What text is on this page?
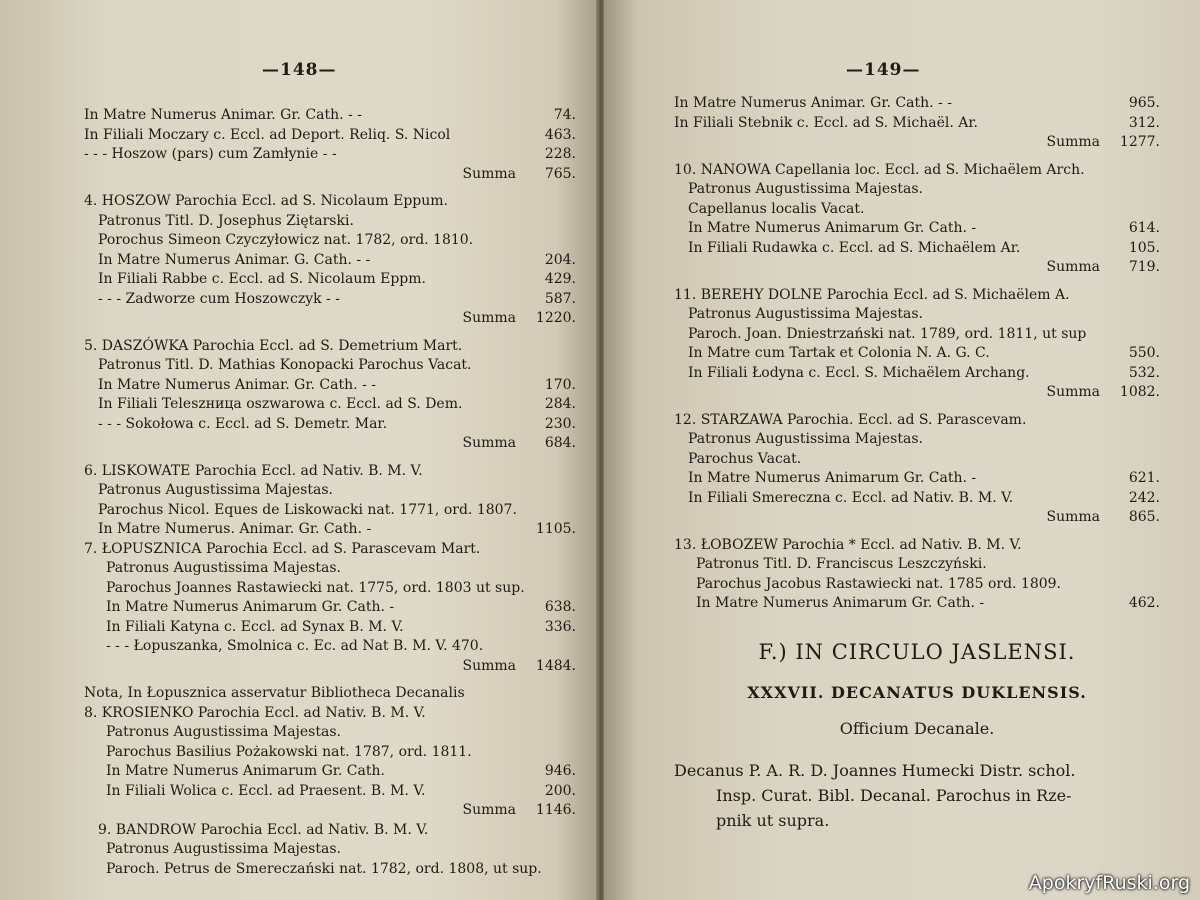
—148—
In Matre Numerus Animar. Gr. Cath. - -	74.
In Filiali Moczary c. Eccl. ad Deport. Reliq. S. Nicol	463.
- - - Hoszow (pars) cum Zamłynie - -	228.
Summa 765.
4. HOSZOW Parochia Eccl. ad S. Nicolaum Eppum.
Patronus Titl. D. Josephus Ziętarski.
Porochus Simeon Czyczyłowicz nat. 1782, ord. 1810.
In Matre Numerus Animar. G. Cath. - -	204.
In Filiali Rabbe c. Eccl. ad S. Nicolaum Eppm.	429.
- - - Zadworze cum Hoszowczyk - -	587.
Summa 1220.
5. DASZÓWKA Parochia Eccl. ad S. Demetrium Mart.
Patronus Titl. D. Mathias Konopacki Parochus Vacat.
In Matre Numerus Animar. Gr. Cath. - -	170.
In Filiali Teleszница oszwarowa c. Eccl. ad S. Dem.	284.
- - - Sokołowa c. Eccl. ad S. Demetr. Mar.	230.
Summa 684.
6. LISKOWATE Parochia Eccl. ad Nativ. B. M. V.
Patronus Augustissima Majestas.
Parochus Nicol. Eques de Liskowacki nat. 1771, ord. 1807.
In Matre Numerus. Animar. Gr. Cath. -	1105.
7. ŁOPUSZNICA Parochia Eccl. ad S. Parascevam Mart.
Patronus Augustissima Majestas.
Parochus Joannes Rastawiecki nat. 1775, ord. 1803 ut sup.
In Matre Numerus Animarum Gr. Cath. -	638.
In Filiali Katyna c. Eccl. ad Synax B. M. V.	336.
- - - Łopuszanka, Smolnica c. Ec. ad Nat B. M. V. 470.
Summa 1484.
Nota, In Łopusznica asservatur Bibliotheca Decanalis
8. KROSIENKO Parochia Eccl. ad Nativ. B. M. V.
Patronus Augustissima Majestas.
Parochus Basilius Pożakowski nat. 1787, ord. 1811.
In Matre Numerus Animarum Gr. Cath.	946.
In Filiali Wolica c. Eccl. ad Praesent. B. M. V.	200.
Summa 1146.
9. BANDROW Parochia Eccl. ad Nativ. B. M. V.
Patronus Augustissima Majestas.
Paroch. Petrus de Smereczański nat. 1782, ord. 1808, ut sup.
—149—
In Matre Numerus Animar. Gr. Cath. - -	965.
In Filiali Stebnik c. Eccl. ad S. Michaël. Ar.	312.
Summa 1277.
10. NANOWA Capellania loc. Eccl. ad S. Michaëlem Arch.
Patronus Augustissima Majestas.
Capellanus localis Vacat.
In Matre Numerus Animarum Gr. Cath. -	614.
In Filiali Rudawka c. Eccl. ad S. Michaëlem Ar.	105.
Summa 719.
11. BEREHY DOLNE Parochia Eccl. ad S. Michaëlem A.
Patronus Augustissima Majestas.
Paroch. Joan. Dniestrzański nat. 1789, ord. 1811, ut sup
In Matre cum Tartak et Colonia N. A. G. C.	550.
In Filiali Łodyna c. Eccl. S. Michaëlem Archang.	532.
Summa 1082.
12. STARZAWA Parochia. Eccl. ad S. Parascevam.
Patronus Augustissima Majestas.
Parochus Vacat.
In Matre Numerus Animarum Gr. Cath. -	621.
In Filiali Smereczna c. Eccl. ad Nativ. B. M. V.	242.
Summa 865.
13. ŁOBOZEW Parochia * Eccl. ad Nativ. B. M. V.
Patronus Titl. D. Franciscus Leszczyński.
Parochus Jacobus Rastawiecki nat. 1785 ord. 1809.
In Matre Numerus Animarum Gr. Cath. -	462.
F.) IN CIRCULO JASLENSI.
XXXVII. DECANATUS DUKLENSIS.
Officium Decanale.
Decanus P. A. R. D. Joannes Humecki Distr. schol.
Insp. Curat. Bibl. Decanal. Parochus in Rze-
pnik ut supra.
ApokryfRuski.org
